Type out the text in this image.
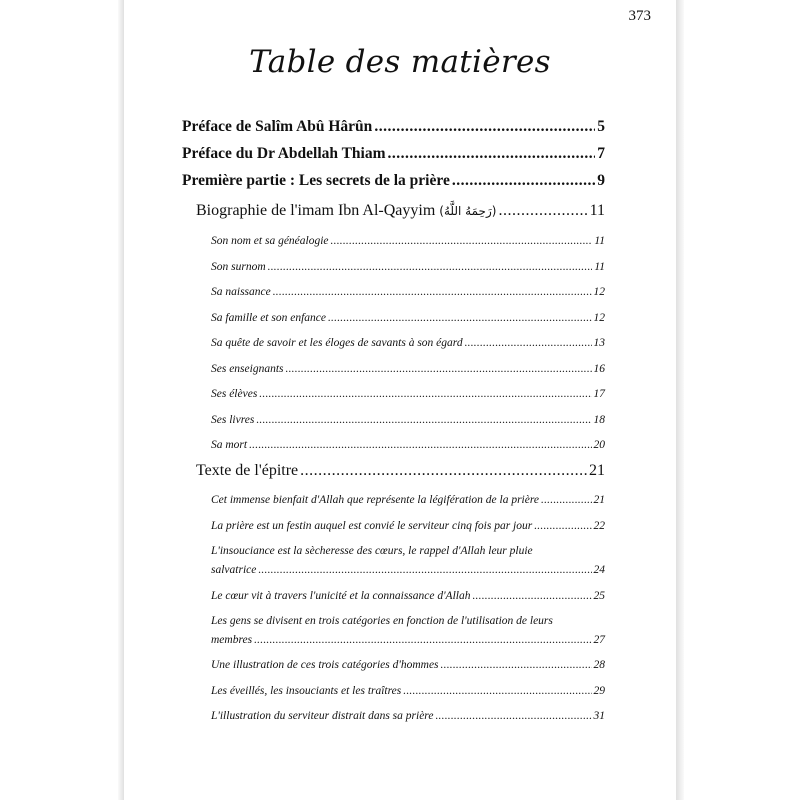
373
Table des matières
Préface de Salîm Abû Hârûn .....	5
Préface du Dr Abdellah Thiam .....	7
Première partie : Les secrets de la prière .....	9
Biographie de l'imam Ibn Al-Qayyim (رَحِمَهُ اللَّهُ) .....	11
Son nom et sa généalogie .....	11
Son surnom .....	11
Sa naissance .....	12
Sa famille et son enfance .....	12
Sa quête de savoir et les éloges de savants à son égard .....	13
Ses enseignants .....	16
Ses élèves .....	17
Ses livres .....	18
Sa mort .....	20
Texte de l'épitre .....	21
Cet immense bienfait d'Allah que représente la légifération de la prière .....	21
La prière est un festin auquel est convié le serviteur cinq fois par jour .....	22
L'insouciance est la sècheresse des cœurs, le rappel d'Allah leur pluie
salvatrice .....	24
Le cœur vit à travers l'unicité et la connaissance d'Allah .....	25
Les gens se divisent en trois catégories en fonction de l'utilisation de leurs
membres .....	27
Une illustration de ces trois catégories d'hommes .....	28
Les éveillés, les insouciants et les traîtres .....	29
L'illustration du serviteur distrait dans sa prière .....	31
